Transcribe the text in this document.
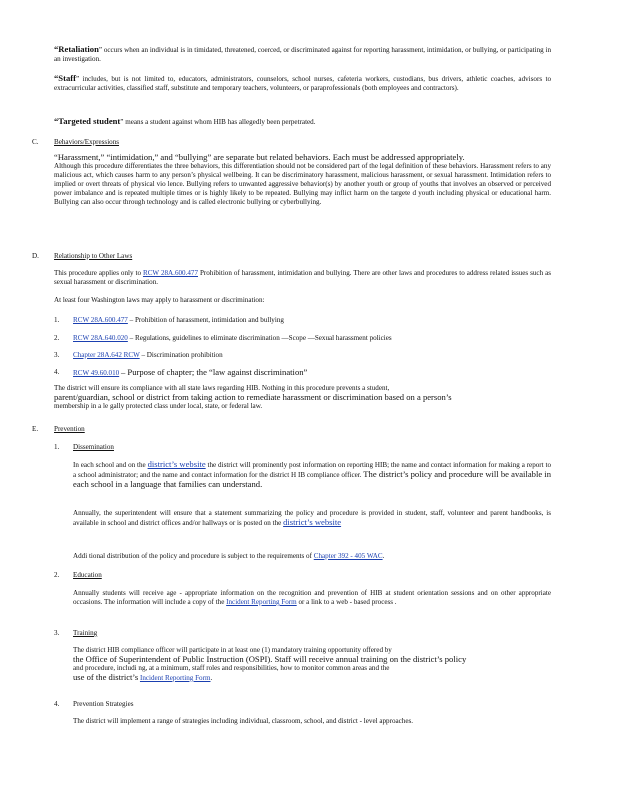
“Retaliation” occurs when an individual is in timidated, threatened, coerced, or discriminated against for reporting harassment, intimidation, or bullying, or participating in an investigation.

“Staff” includes, but is not limited to, educators, administrators, counselors, school nurses, cafeteria workers, custodians, bus drivers, athletic coaches, advisors to extracurricular activities, classified staff, substitute and temporary teachers, volunteers, or paraprofessionals (both employees and contractors).

“Targeted student” means a student against whom HIB has allegedly been perpetrated.

C.	Behaviors/Expressions

“Harassment,” “intimidation,” and “bullying” are separate but related behaviors. Each must be addressed appropriately.

Although this procedure differentiates the three behaviors, this differentiation should not be considered part of the legal definition of these behaviors. Harassment refers to any malicious act, which causes harm to any person’s physical wellbeing. It can be discriminatory harassment, malicious harassment, or sexual harassment. Intimidation refers to implied or overt threats of physical vio lence. Bullying refers to unwanted aggressive behavior(s) by another youth or group of youths that involves an observed or perceived power imbalance and is repeated multiple times or is highly likely to be repeated. Bullying may inflict harm on the targete d youth including physical or educational harm. Bullying can also occur through technology and is called electronic bullying or cyberbullying.

D.	Relationship to Other Laws

This procedure applies only to RCW 28A.600.477 Prohibition of harassment, intimidation and bullying. There are other laws and procedures to address related issues such as sexual harassment or discrimination.

At least four Washington laws may apply to harassment or discrimination:

1.	RCW 28A.600.477 – Prohibition of harassment, intimidation and bullying
2.	RCW 28A.640.020 – Regulations, guidelines to eliminate discrimination —Scope —Sexual harassment policies
3.	Chapter 28A.642 RCW – Discrimination prohibition
4.	RCW 49.60.010 – Purpose of chapter; the “law against discrimination”

The district will ensure its compliance with all state laws regarding HIB. Nothing in this procedure prevents a student,

parent/guardian, school or district from taking action to remediate harassment or discrimination based on a person’s

membership in a le gally protected class under local, state, or federal law.

E.	Prevention
1.	Dissemination

In each school and on the district’s website the district will prominently post information on reporting HIB; the name and contact information for making a report to a school administrator; and the name and contact information for the district H IB compliance officer. The district’s policy and procedure will be available in each school in a language that families can understand.

Annually, the superintendent will ensure that a statement summarizing the policy and procedure is provided in student, staff, volunteer and parent handbooks, is available in school and district offices and/or hallways or is posted on the district’s website

Addi tional distribution of the policy and procedure is subject to the requirements of Chapter 392 - 405 WAC.

2.	Education

Annually students will receive age - appropriate information on the recognition and prevention of HIB at student orientation sessions and on other appropriate occasions. The information will include a copy of the Incident Reporting Form or a link to a web - based process .

3.	Training

The district HIB compliance officer will participate in at least one (1) mandatory training opportunity offered by

the Office of Superintendent of Public Instruction (OSPI). Staff will receive annual training on the district’s policy

and procedure, includi ng, at a minimum, staff roles and responsibilities, how to monitor common areas and the

use of the district’s Incident Reporting Form.

4.	Prevention Strategies

The district will implement a range of strategies including individual, classroom, school, and district - level approaches.
